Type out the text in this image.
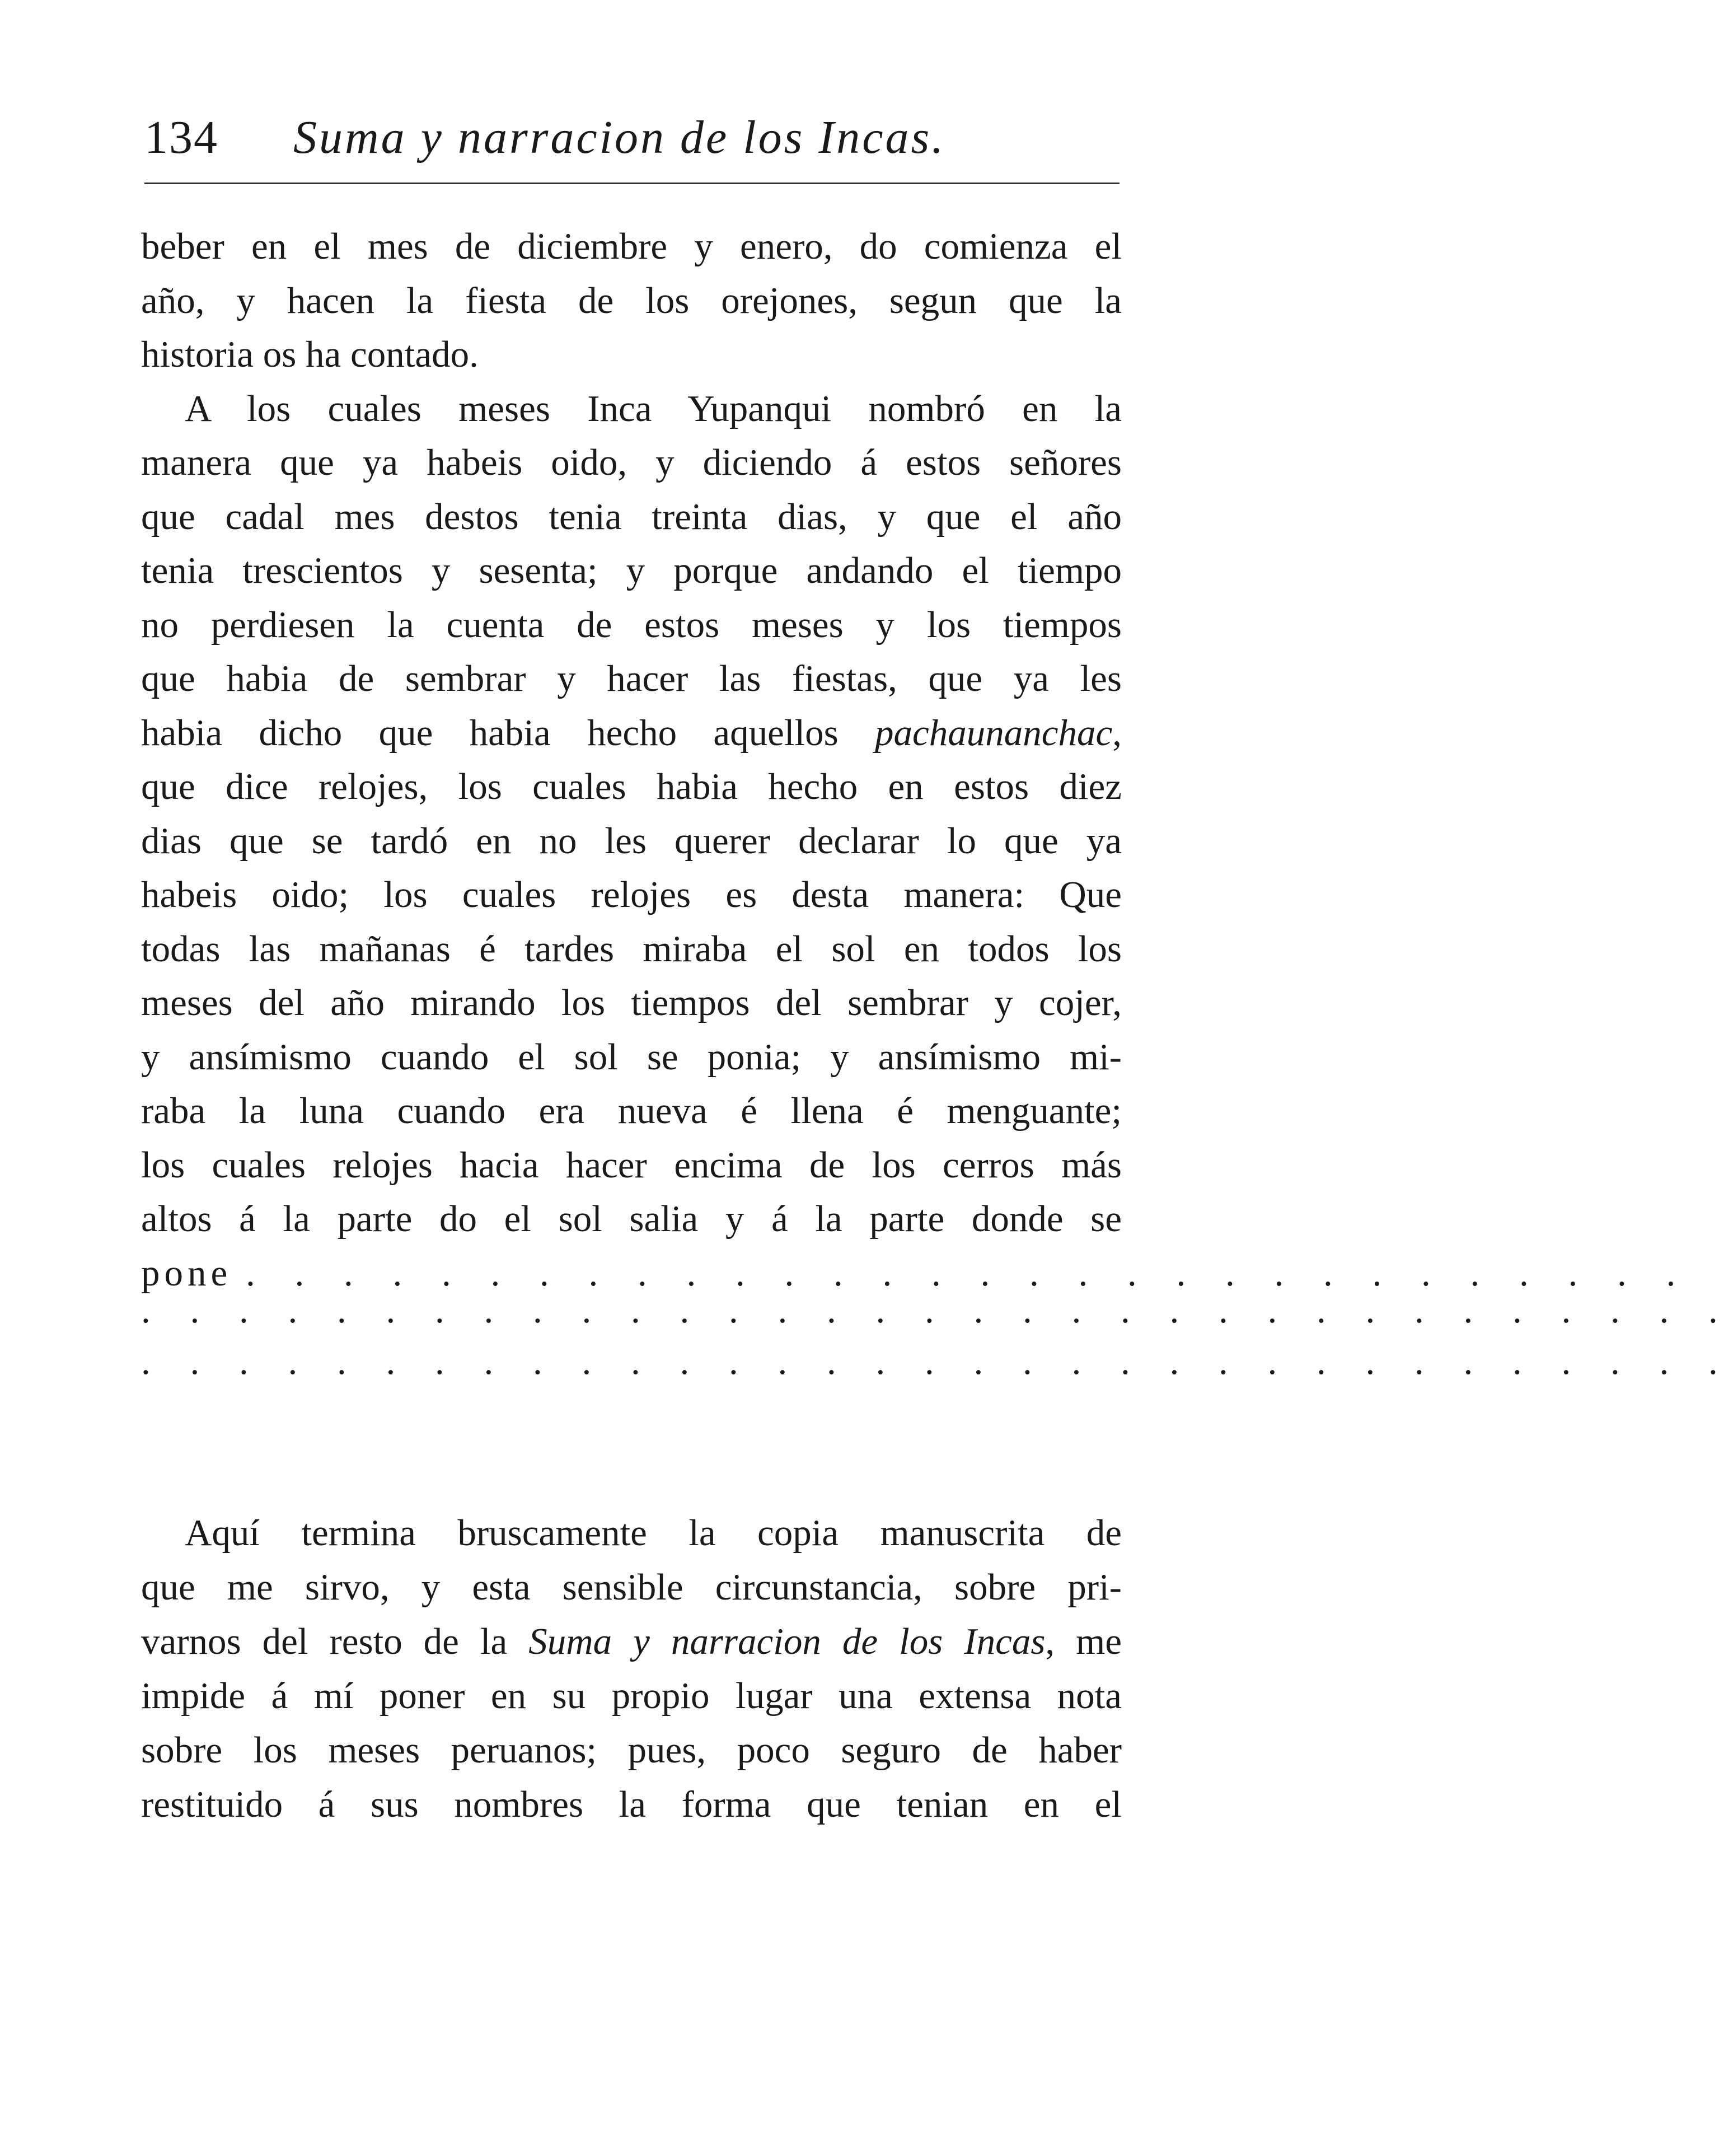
134 Suma y narracion de los Incas.
beber en el mes de diciembre y enero, do comienza el
año, y hacen la fiesta de los orejones, segun que la
historia os ha contado.
A los cuales meses Inca Yupanqui nombró en la
manera que ya habeis oido, y diciendo á estos señores
que cadal mes destos tenia treinta dias, y que el año
tenia trescientos y sesenta; y porque andando el tiempo
no perdiesen la cuenta de estos meses y los tiempos
que habia de sembrar y hacer las fiestas, que ya les
habia dicho que habia hecho aquellos pachaunanchac,
que dice relojes, los cuales habia hecho en estos diez
dias que se tardó en no les querer declarar lo que ya
habeis oido; los cuales relojes es desta manera: Que
todas las mañanas é tardes miraba el sol en todos los
meses del año mirando los tiempos del sembrar y cojer,
y ansímismo cuando el sol se ponia; y ansímismo mi-
raba la luna cuando era nueva é llena é menguante;
los cuales relojes hacia hacer encima de los cerros más
altos á la parte do el sol salia y á la parte donde se
pone . . . . . . . . . . . . . . . . . . . . . . . . . . . . . .
. . . . . . . . . . . . . . . . . . . . . . . . . . . . . . . . .
. . . . . . . . . . . . . . . . . . . . . . . . . . . . . . . . .
Aquí termina bruscamente la copia manuscrita de
que me sirvo, y esta sensible circunstancia, sobre pri-
varnos del resto de la Suma y narracion de los Incas, me
impide á mí poner en su propio lugar una extensa nota
sobre los meses peruanos; pues, poco seguro de haber
restituido á sus nombres la forma que tenian en el
